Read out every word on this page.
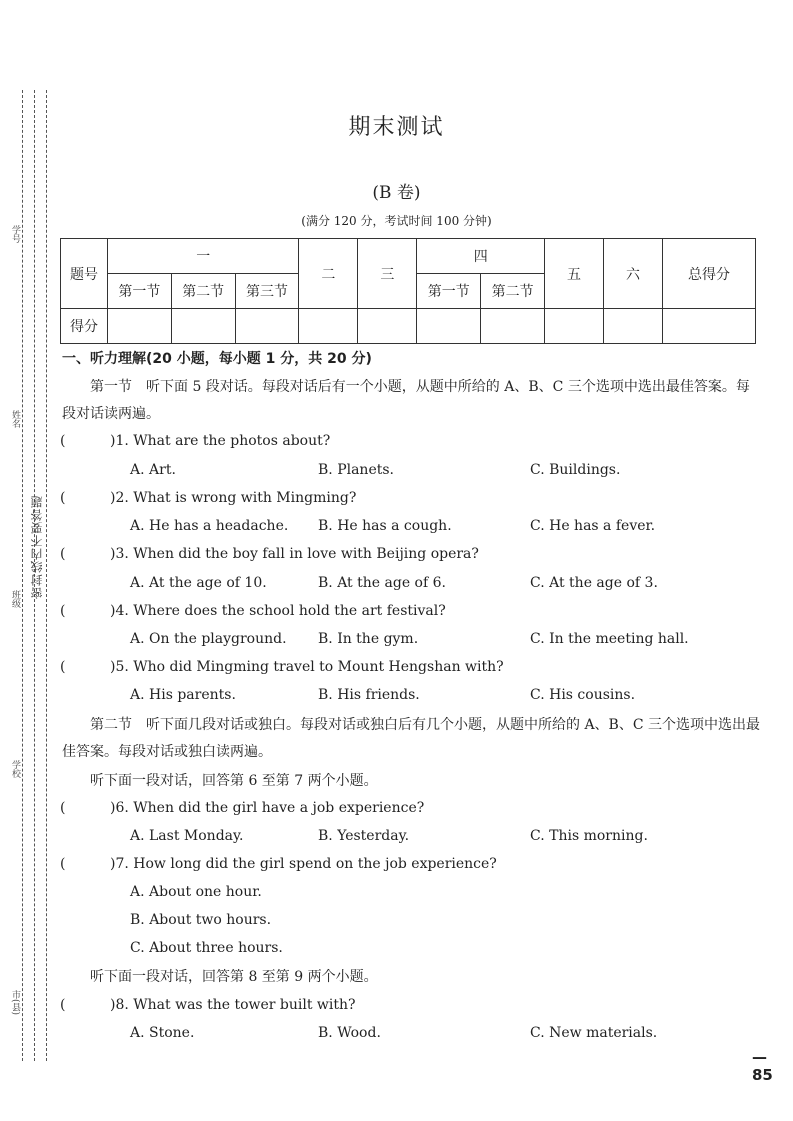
学号
姓名
班级
学校
市(县)
密封线内不要答题
期末测试
(B 卷)
(满分 120 分，考试时间 100 分钟)
题号	一			二	三	四		五	六	总得分
	第一节	第二节	第三节			第一节	第二节			
得分										
一、听力理解(20 小题，每小题 1 分，共 20 分)
第一节　听下面 5 段对话。每段对话后有一个小题，从题中所给的 A、B、C 三个选项中选出最佳答案。每段对话读两遍。
(	)1. What are the photos about?
A. Art.	B. Planets.	C. Buildings.
(	)2. What is wrong with Mingming?
A. He has a headache. B. He has a cough.	C. He has a fever.
(	)3. When did the boy fall in love with Beijing opera?
A. At the age of 10.	B. At the age of 6.	C. At the age of 3.
(	)4. Where does the school hold the art festival?
A. On the playground. B. In the gym.	C. In the meeting hall.
(	)5. Who did Mingming travel to Mount Hengshan with?
A. His parents.	B. His friends.	C. His cousins.
第二节　听下面几段对话或独白。每段对话或独白后有几个小题，从题中所给的 A、B、C 三个选项中选出最佳答案。每段对话或独白读两遍。
听下面一段对话，回答第 6 至第 7 两个小题。
(	)6. When did the girl have a job experience?
A. Last Monday.	B. Yesterday.	C. This morning.
(	)7. How long did the girl spend on the job experience?
A. About one hour.
B. About two hours.
C. About three hours.
听下面一段对话，回答第 8 至第 9 两个小题。
(	)8. What was the tower built with?
A. Stone.	B. Wood.	C. New materials.
— 85
